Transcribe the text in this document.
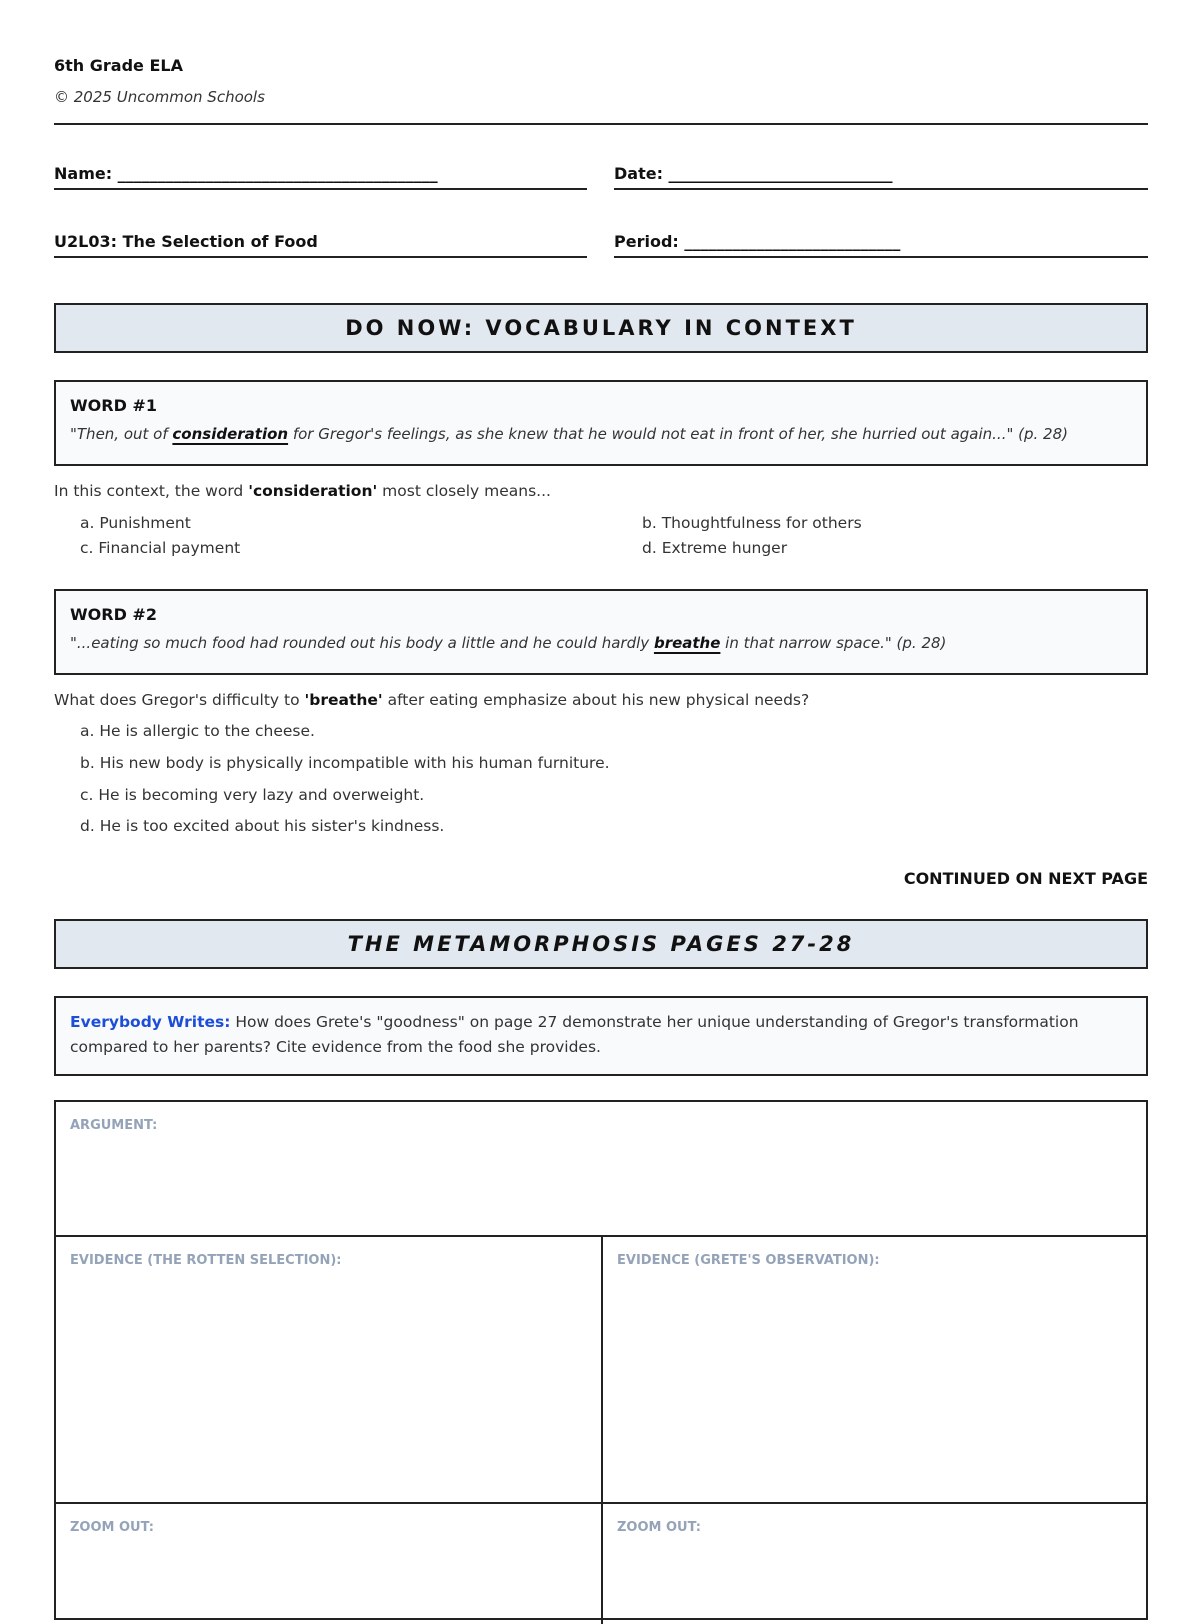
6th Grade ELA
© 2025 Uncommon Schools
Name: ________________________________________	Date: ____________________________
U2L03: The Selection of Food	Period: ___________________________
DO NOW: VOCABULARY IN CONTEXT
WORD #1
"Then, out of consideration for Gregor's feelings, as she knew that he would not eat in front of her, she hurried out again..." (p. 28)
In this context, the word 'consideration' most closely means...
a. Punishment	b. Thoughtfulness for others
c. Financial payment	d. Extreme hunger
WORD #2
"...eating so much food had rounded out his body a little and he could hardly breathe in that narrow space." (p. 28)
What does Gregor's difficulty to 'breathe' after eating emphasize about his new physical needs?
a. He is allergic to the cheese.
b. His new body is physically incompatible with his human furniture.
c. He is becoming very lazy and overweight.
d. He is too excited about his sister's kindness.
CONTINUED ON NEXT PAGE
THE METAMORPHOSIS PAGES 27-28
Everybody Writes: How does Grete's "goodness" on page 27 demonstrate her unique understanding of Gregor's transformation compared to her parents? Cite evidence from the food she provides.
ARGUMENT:
EVIDENCE (THE ROTTEN SELECTION):	EVIDENCE (GRETE'S OBSERVATION):
ZOOM OUT:	ZOOM OUT:
